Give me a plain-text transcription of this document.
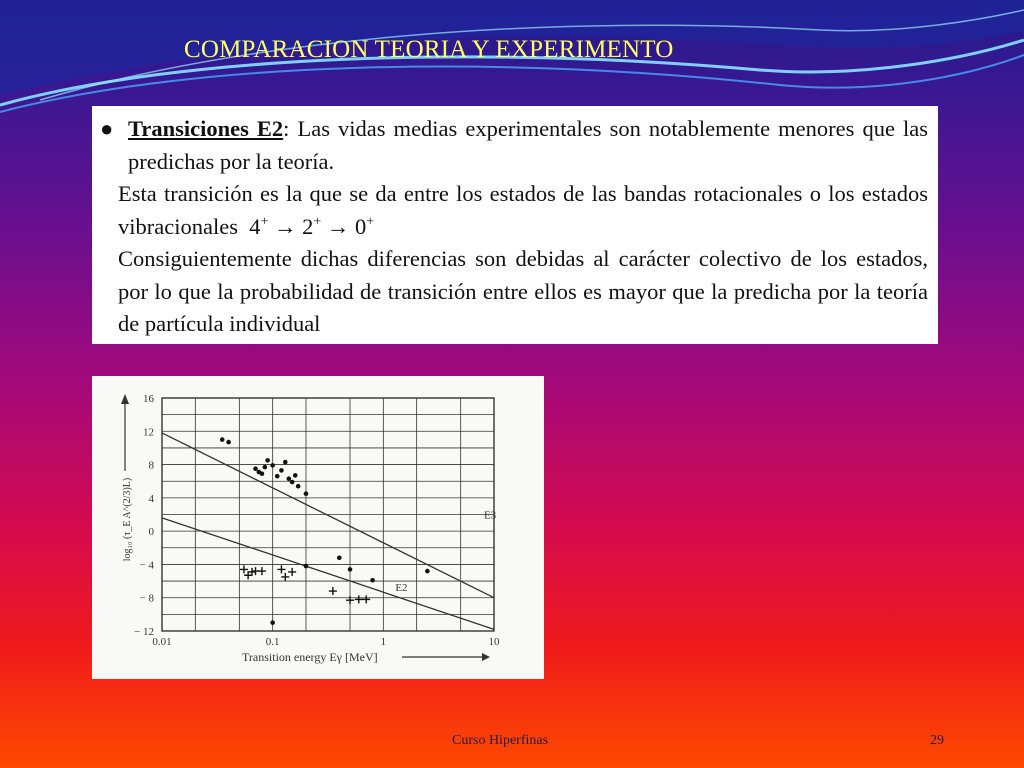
COMPARACION TEORIA Y EXPERIMENTO
● Transiciones E2: Las vidas medias experimentales son notablemente menores que las predichas por la teoría.

Esta transición es la que se da entre los estados de las bandas rotacionales o los estados vibracionales 4+ → 2+ → 0+

Consiguientemente dichas diferencias son debidas al carácter colectivo de los estados, por lo que la probabilidad de transición entre ellos es mayor que la predicha por la teoría de partícula individual

16
12
8
4
0
− 4
− 8
− 12
0.01	0.1	1	10
Transition energy Eγ [MeV]
log₁₀ (τ_E A^(2/3)L)	E3
E2
Curso Hiperfinas	29
